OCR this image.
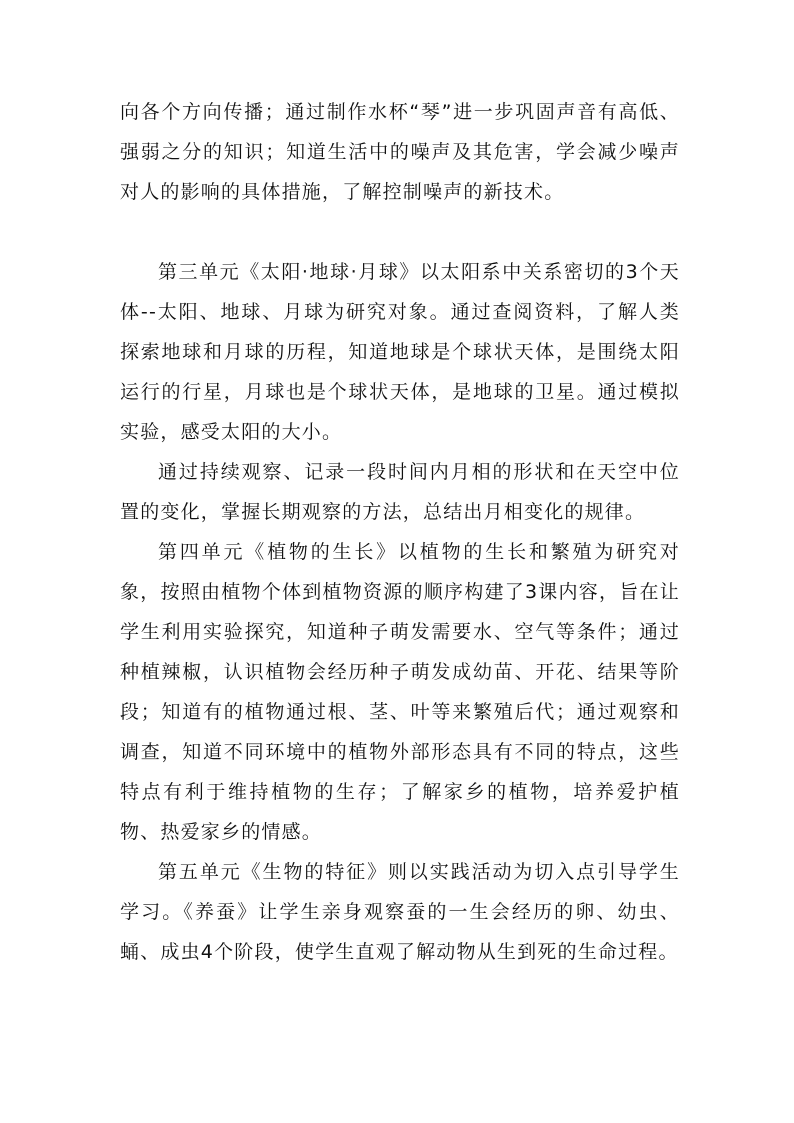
向各个方向传播；通过制作水杯“琴”进一步巩固声音有高低、强弱之分的知识；知道生活中的噪声及其危害，学会减少噪声对人的影响的具体措施，了解控制噪声的新技术。

第三单元《太阳·地球·月球》以太阳系中关系密切的3个天体--太阳、地球、月球为研究对象。通过查阅资料，了解人类探索地球和月球的历程，知道地球是个球状天体，是围绕太阳运行的行星，月球也是个球状天体，是地球的卫星。通过模拟实验，感受太阳的大小。

通过持续观察、记录一段时间内月相的形状和在天空中位置的变化，掌握长期观察的方法，总结出月相变化的规律。

第四单元《植物的生长》以植物的生长和繁殖为研究对象，按照由植物个体到植物资源的顺序构建了3课内容，旨在让学生利用实验探究，知道种子萌发需要水、空气等条件；通过种植辣椒，认识植物会经历种子萌发成幼苗、开花、结果等阶段；知道有的植物通过根、茎、叶等来繁殖后代；通过观察和调查，知道不同环境中的植物外部形态具有不同的特点，这些特点有利于维持植物的生存；了解家乡的植物，培养爱护植物、热爱家乡的情感。

第五单元《生物的特征》则以实践活动为切入点引导学生学习。《养蚕》让学生亲身观察蚕的一生会经历的卵、幼虫、蛹、成虫4个阶段，使学生直观了解动物从生到死的生命过程。
